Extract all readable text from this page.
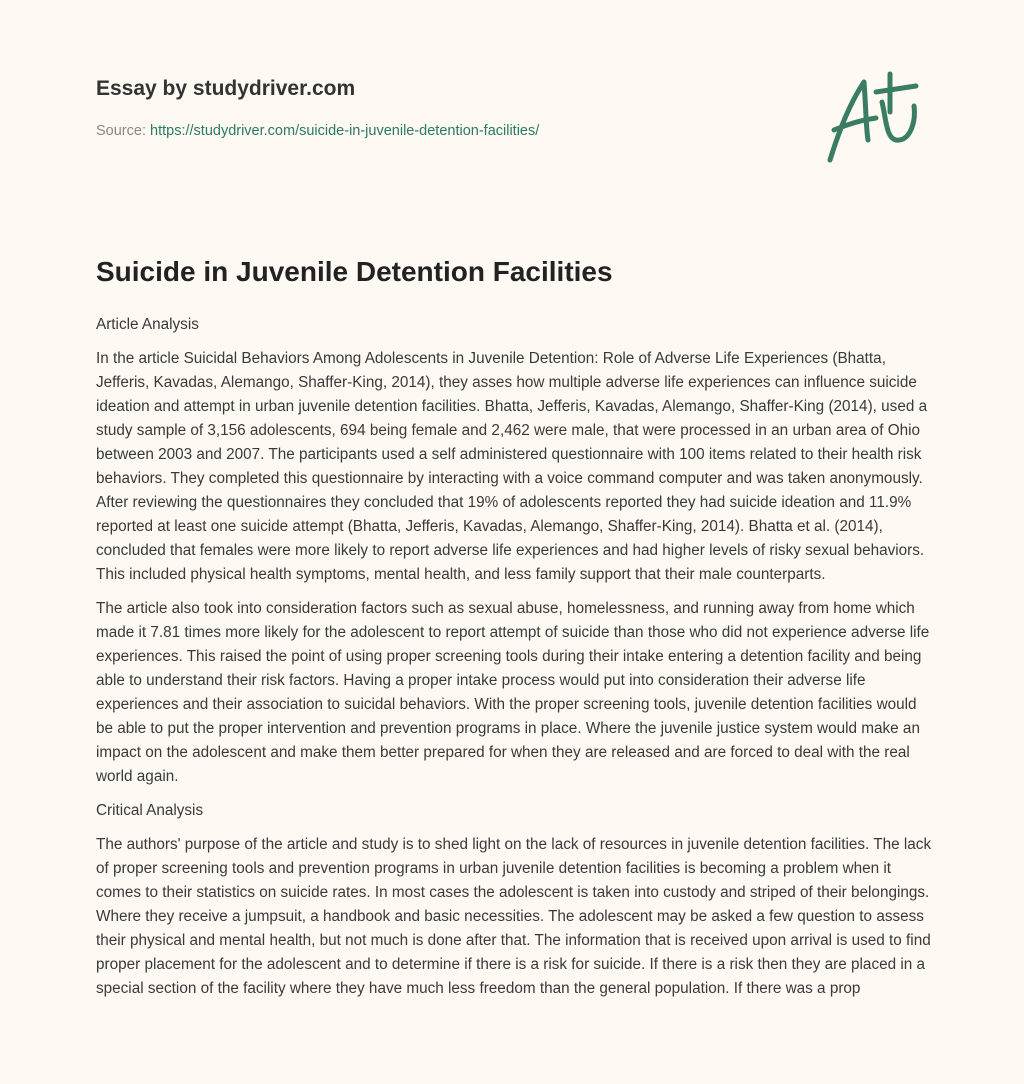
Essay by studydriver.com
Source: https://studydriver.com/suicide-in-juvenile-detention-facilities/
Suicide in Juvenile Detention Facilities

Article Analysis

In the article Suicidal Behaviors Among Adolescents in Juvenile Detention: Role of Adverse Life Experiences (Bhatta, Jefferis, Kavadas, Alemango, Shaffer-King, 2014), they asses how multiple adverse life experiences can influence suicide ideation and attempt in urban juvenile detention facilities. Bhatta, Jefferis, Kavadas, Alemango, Shaffer-King (2014), used a study sample of 3,156 adolescents, 694 being female and 2,462 were male, that were processed in an urban area of Ohio between 2003 and 2007. The participants used a self administered questionnaire with 100 items related to their health risk behaviors. They completed this questionnaire by interacting with a voice command computer and was taken anonymously. After reviewing the questionnaires they concluded that 19% of adolescents reported they had suicide ideation and 11.9% reported at least one suicide attempt (Bhatta, Jefferis, Kavadas, Alemango, Shaffer-King, 2014). Bhatta et al. (2014), concluded that females were more likely to report adverse life experiences and had higher levels of risky sexual behaviors. This included physical health symptoms, mental health, and less family support that their male counterparts.

The article also took into consideration factors such as sexual abuse, homelessness, and running away from home which made it 7.81 times more likely for the adolescent to report attempt of suicide than those who did not experience adverse life experiences. This raised the point of using proper screening tools during their intake entering a detention facility and being able to understand their risk factors. Having a proper intake process would put into consideration their adverse life experiences and their association to suicidal behaviors. With the proper screening tools, juvenile detention facilities would be able to put the proper intervention and prevention programs in place. Where the juvenile justice system would make an impact on the adolescent and make them better prepared for when they are released and are forced to deal with the real world again.

Critical Analysis

The authors' purpose of the article and study is to shed light on the lack of resources in juvenile detention facilities. The lack of proper screening tools and prevention programs in urban juvenile detention facilities is becoming a problem when it comes to their statistics on suicide rates. In most cases the adolescent is taken into custody and striped of their belongings. Where they receive a jumpsuit, a handbook and basic necessities. The adolescent may be asked a few question to assess their physical and mental health, but not much is done after that. The information that is received upon arrival is used to find proper placement for the adolescent and to determine if there is a risk for suicide. If there is a risk then they are placed in a special section of the facility where they have much less freedom than the general population. If there was a prop
